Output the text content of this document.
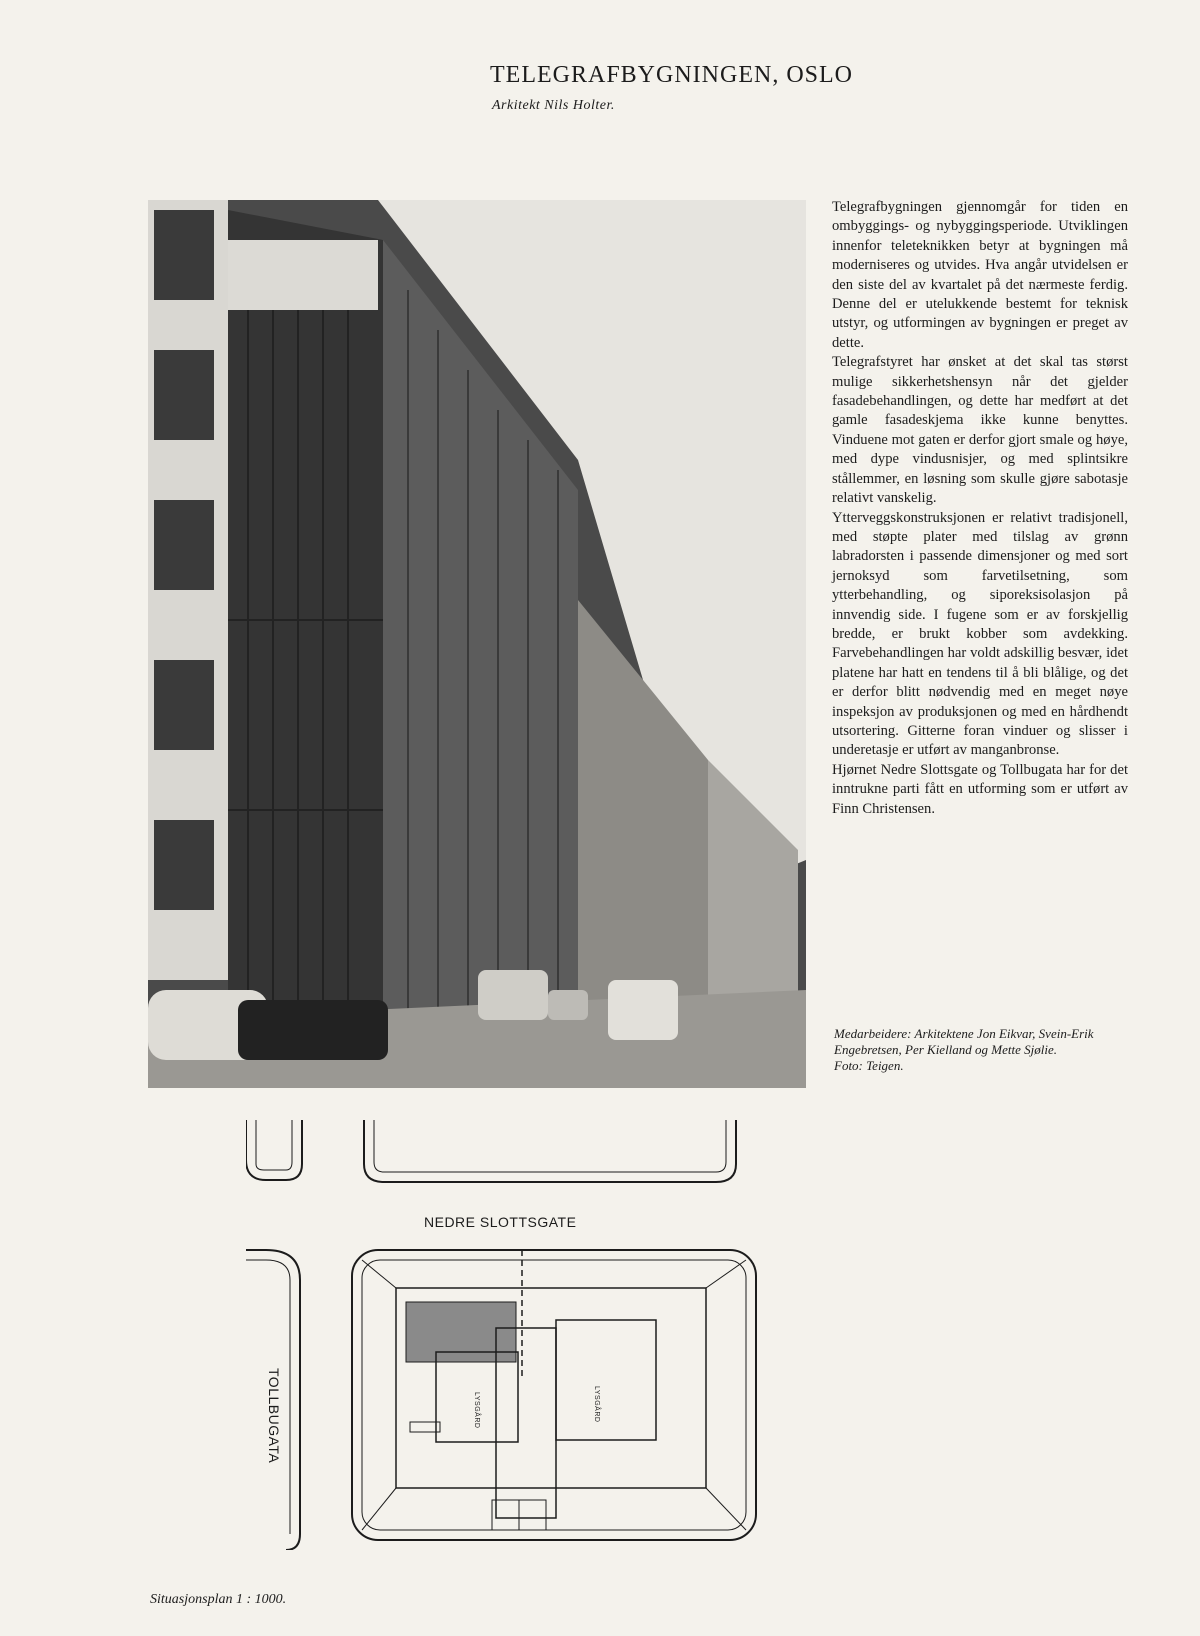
TELEGRAFBYGNINGEN, OSLO
Arkitekt Nils Holter.

Telegrafbygningen gjennomgår for tiden en ombyggings- og nybyggingsperiode. Utviklingen innenfor teleteknikken betyr at bygningen må moderniseres og utvides. Hva angår utvidelsen er den siste del av kvartalet på det nærmeste ferdig. Denne del er utelukkende bestemt for teknisk utstyr, og utformingen av bygningen er preget av dette.

Telegrafstyret har ønsket at det skal tas størst mulige sikkerhetshensyn når det gjelder fasadebehandlingen, og dette har medført at det gamle fasadeskjema ikke kunne benyttes. Vinduene mot gaten er derfor gjort smale og høye, med dype vindusnisjer, og med splintsikre stållemmer, en løsning som skulle gjøre sabotasje relativt vanskelig.

Ytterveggskonstruksjonen er relativt tradisjonell, med støpte plater med tilslag av grønn labradorsten i passende dimensjoner og med sort jernoksyd som farvetilsetning, som ytterbehandling, og siporeksisolasjon på innvendig side. I fugene som er av forskjellig bredde, er brukt kobber som avdekking. Farvebehandlingen har voldt adskillig besvær, idet platene har hatt en tendens til å bli blålige, og det er derfor blitt nødvendig med en meget nøye inspeksjon av produksjonen og med en hårdhendt utsortering. Gitterne foran vinduer og slisser i underetasje er utført av manganbronse.

Hjørnet Nedre Slottsgate og Tollbugata har for det inntrukne parti fått en utforming som er utført av Finn Christensen.

Medarbeidere: Arkitektene Jon Eikvar, Svein-Erik Engebretsen, Per Kielland og Mette Sjølie.
Foto: Teigen.
NEDRE SLOTTSGATE
TOLLBUGATA	LYSGÅRD	LYSGÅRD
Situasjonsplan 1 : 1000.
